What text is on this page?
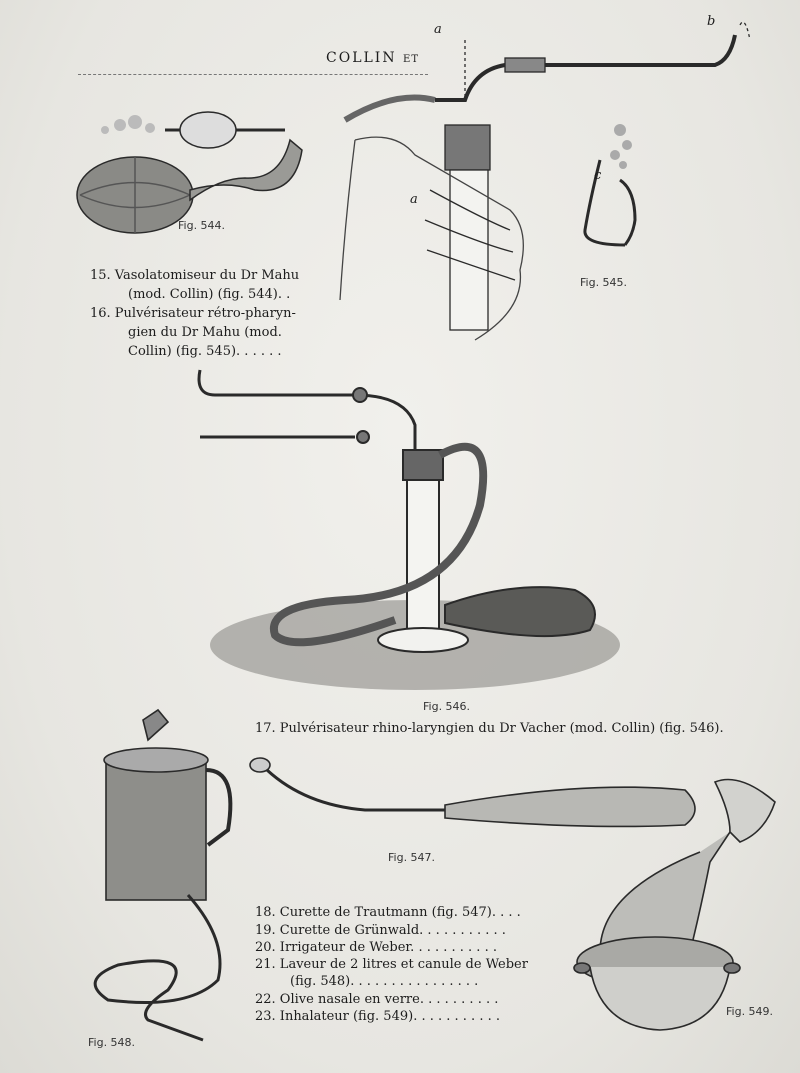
COLLIN ET
Fig. 544.
a
a
b
c
Fig. 545.
15. Vasolatomiseur du Dr Mahu
(mod. Collin) (fig. 544). .
16. Pulvérisateur rétro-pharyn-
gien du Dr Mahu (mod.
Collin) (fig. 545). . . . . .
Fig. 546.
17. Pulvérisateur rhino-laryngien du Dr Vacher (mod. Collin) (fig. 546).
Fig. 548.
Fig. 547.
18. Curette de Trautmann (fig. 547). . . .
19. Curette de Grünwald. . . . . . . . . . .
20. Irrigateur de Weber. . . . . . . . . . .
21. Laveur de 2 litres et canule de Weber
(fig. 548). . . . . . . . . . . . . . . .
22. Olive nasale en verre. . . . . . . . . .
23. Inhalateur (fig. 549). . . . . . . . . . .	Fig. 549.
